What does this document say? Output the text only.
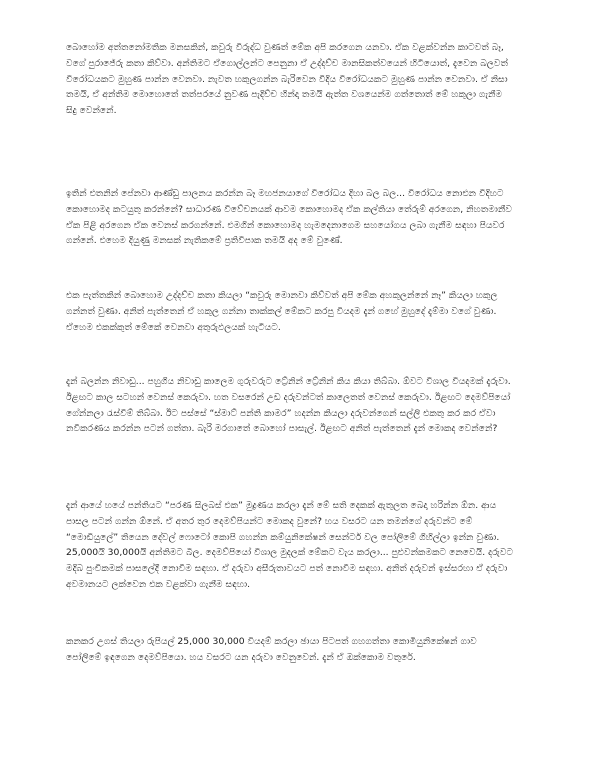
බොහෝම අත්තනෝමතික මනසකින්, කවුරු විරුද්ධ වුණත් මේක අපි කරගෙන යනවා. ඒක වළක්වන්න කාටවත් බෑ, වගේ පුරාජේරු කතා කිව්වා. අන්තිමට ඒගොල්ලන්ට පෙනුනා ඒ උද්දච්ච මානසිකත්වයෙන් හිටියොත්, දැවෙන බලවත් විරෝධයකට මුහුණ පාන්න වෙනවා. නැවත හකුලගන්න බැරිවෙන විදිය විරෝධයකට මුහුණ පාන්න වෙනවා. ඒ නිසා තමයි, ඒ අන්තිම මොහොතේ තත්පරයේ නුවණ පැදිච්ච හින්දා තමයි ඇත්ත වශයෙන්ම ගත්තොත් මේ හකුලා ගැනීම සිදු වෙන්නේ.

ඉතින් එතනින් පේනවා ආණ්ඩු පාලනය කරන්න බෑ මහජනයාගේ විරෝධය දිහා බල බල... විරෝධය නොඑන විදිහට කොහොමද කටයුතු කරන්නේ? සාධාරණ විවේචනයක් ආවම කොහොමද ඒක කල්තියා තේරුම් අරගෙන, නිහතමානීව ඒක පිළි අරගෙන ඒක වෙනස් කරගන්නේ. එමගින් කොහොමද හැමදෙනාගෙම සහයෝගය ලබා ගැනීම සඳහා පියවර ගන්නේ. එහෙම දියුණු මනසක් නැතිකමේ ප්‍රතිවිපාක තමයි අද මේ වුණේ.

එක පැත්තකින් බොහොම උද්දච්ච කතා කියලා “කවුරු මොනවා කිව්වත් අපි මේක අහකුලන්නේ නෑ” කියලා හකුල ගන්නත් වුණා. අනිත් පැත්තෙන් ඒ හකුල ගන්නා තාක්කල් මේකට කරපු වියදම දැන් ගහේ මුහුදේ දැම්මා වගේ වුණා. ඒහෙම එකක්කුත් මේකේ වෙනවා අතුරුඵලයක් හැටියට.

දැන් බලන්න නිවාඩු... පහුගිය නිවාඩු කාලෙම ගුරුවරුට ට්‍රේනින් ට්‍රේනින් කිය කියා තිබ්බා. ඕවට විශාල වියදමක් දැරුවා. ඊළඟට කාල සටහන් වෙනස් කෙරුවා. හත වසරෙන් උඩ දරුවන්ටත් කාලෙතත් වෙනස් කෙරුවා. ඊළඟට දෙමව්පියෝ ගේන්නලා රැස්වීම් තිබ්බා. ඊට පස්සේ “ස්මාට් පන්ති කාමර” හදන්න කියලා දරුවන්ගෙන් සල්ලි එකතු කර කර ඒවා නවීකරණය කරන්න පටන් ගත්තා. බැරි මරගාතේ බොහෝ පාසැල්. ඊළඟට අනිත් පැත්තෙන් දැන් මොකද වෙන්නේ?

දැන් ආයේ හයේ පන්තියට “පරණ සිලබස් එක” මුද්‍රණය කරලා දැන් මේ සති දෙකක් ඇතුලත බෙදා හරින්න ඕන. ආය පාසල පටන් ගන්න ඕනේ. ඒ අතර තුර දෙමව්පියන්ට මොකද වුනේ? හය වසරට යන තමන්ගේ දරුවන්ට මේ “මොඩියුලේ” තියෙන දේවල් ෆොටෝ කොපි ගහන්න කම්යුනිකේෂන් සෙන්ටර් වල පෝලිමේ ගිහිල්ලා ඉන්න වුණා. 25,000යි 30,000යි අන්තිමට බිල. දෙමව්පියෝ විශාල මුදලක් මේකට වැය කරලා... පුළුවන්කමකට නෙවෙයි. දරුවට මදිබ පුංචිකමක් පාසලේදී නොවීම සඳහා. ඒ දරුවා අසීරුතාවයට පත් නොවීම සඳහා. අනිත් දරුවන් ඉස්සරහා ඒ දරුවා අවමානයට ලක්වෙන එක වළක්වා ගැනීම සඳහා.

කනකර උගස් තියලා රුපියල් 25,000 30,000 වියදම් කරලා ඡායා පිටපත් ගහගත්තා කොමියුනිකේෂන් ගාව පෝලිමේ ඉඳගෙන දෙමව්පියො. හය වසරට යන දරුවා වෙනුවෙන්. දැන් ඒ ඔක්කොම වතුරේ.
